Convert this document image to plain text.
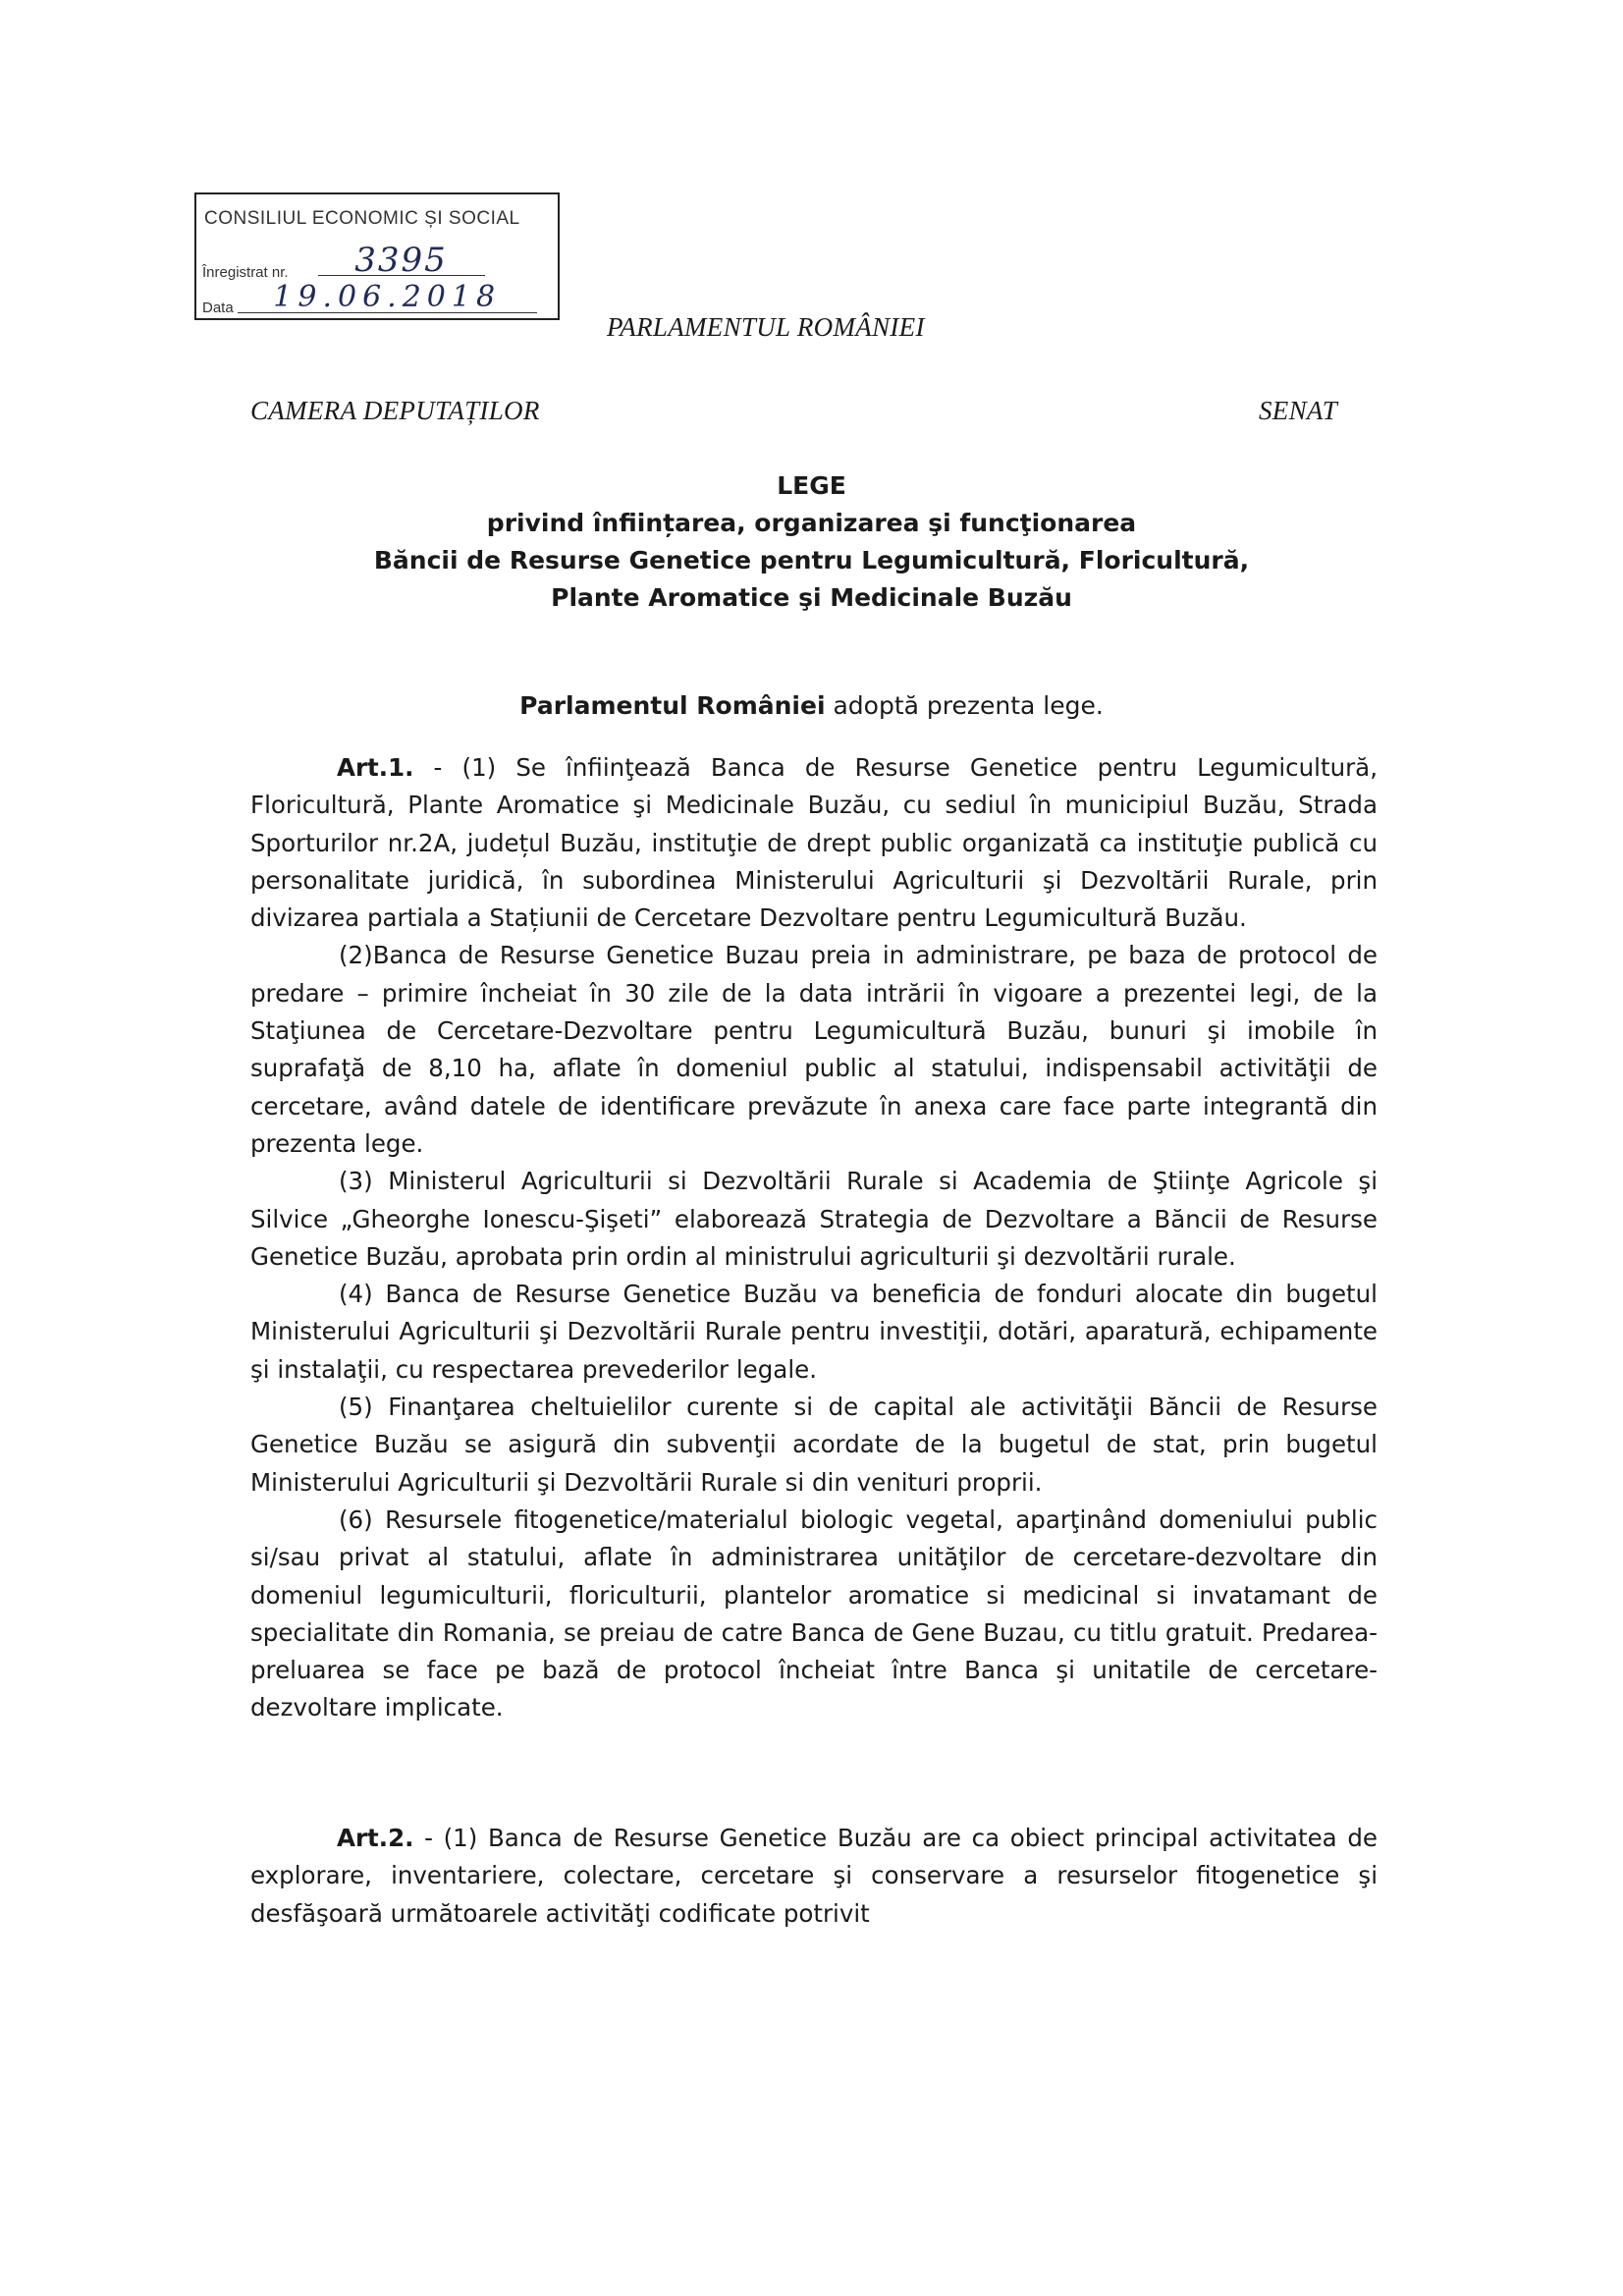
CONSILIUL ECONOMIC ȘI SOCIAL
Înregistrat nr. 3395
Data 19.06.2018
PARLAMENTUL ROMÂNIEI
CAMERA DEPUTAȚILOR	SENAT
LEGE
privind înființarea, organizarea şi funcţionarea
Băncii de Resurse Genetice pentru Legumicultură, Floricultură,
Plante Aromatice şi Medicinale Buzău
Parlamentul României adoptă prezenta lege.

Art.1. - (1) Se înfiinţează Banca de Resurse Genetice pentru Legumicultură, Floricultură, Plante Aromatice şi Medicinale Buzău, cu sediul în municipiul Buzău, Strada Sporturilor nr.2A, județul Buzău, instituţie de drept public organizată ca instituţie publică cu personalitate juridică, în subordinea Ministerului Agriculturii şi Dezvoltării Rurale, prin divizarea partiala a Stațiunii de Cercetare Dezvoltare pentru Legumicultură Buzău.

(2)Banca de Resurse Genetice Buzau preia in administrare, pe baza de protocol de predare – primire încheiat în 30 zile de la data intrării în vigoare a prezentei legi, de la Staţiunea de Cercetare-Dezvoltare pentru Legumicultură Buzău, bunuri şi imobile în suprafaţă de 8,10 ha, aflate în domeniul public al statului, indispensabil activităţii de cercetare, având datele de identificare prevăzute în anexa care face parte integrantă din prezenta lege.

(3) Ministerul Agriculturii si Dezvoltării Rurale si Academia de Ştiinţe Agricole şi Silvice „Gheorghe Ionescu-Şişeti” elaborează Strategia de Dezvoltare a Băncii de Resurse Genetice Buzău, aprobata prin ordin al ministrului agriculturii şi dezvoltării rurale.

(4) Banca de Resurse Genetice Buzău va beneficia de fonduri alocate din bugetul Ministerului Agriculturii şi Dezvoltării Rurale pentru investiţii, dotări, aparatură, echipamente şi instalaţii, cu respectarea prevederilor legale.

(5) Finanţarea cheltuielilor curente si de capital ale activităţii Băncii de Resurse Genetice Buzău se asigură din subvenţii acordate de la bugetul de stat, prin bugetul Ministerului Agriculturii şi Dezvoltării Rurale si din venituri proprii.

(6) Resursele fitogenetice/materialul biologic vegetal, aparţinând domeniului public si/sau privat al statului, aflate în administrarea unităţilor de cercetare-dezvoltare din domeniul legumiculturii, floriculturii, plantelor aromatice si medicinal si invatamant de specialitate din Romania, se preiau de catre Banca de Gene Buzau, cu titlu gratuit. Predarea-preluarea se face pe bază de protocol încheiat între Banca şi unitatile de cercetare-dezvoltare implicate.

Art.2. - (1) Banca de Resurse Genetice Buzău are ca obiect principal activitatea de explorare, inventariere, colectare, cercetare şi conservare a resurselor fitogenetice şi desfăşoară următoarele activităţi codificate potrivit
